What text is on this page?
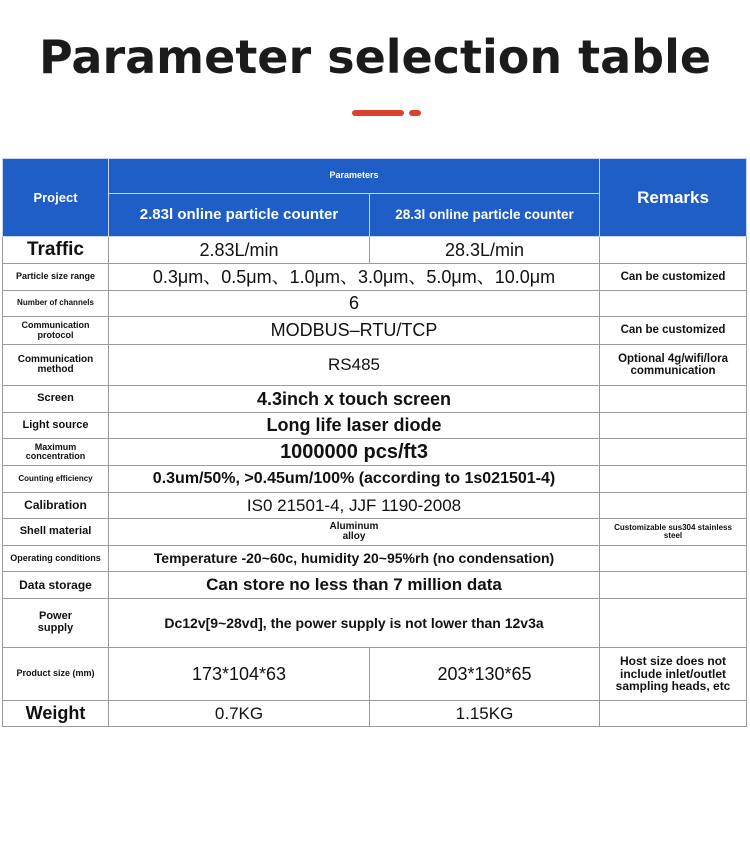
Parameter selection table
Project	Parameters		Remarks
	2.83l online particle counter	28.3l online particle counter	
Traffic	2.83L/min	28.3L/min	
Particle size range	0.3μm、0.5μm、1.0μm、3.0μm、5.0μm、10.0μm		Can be customized
Number of channels	6		
Communication protocol	MODBUS–RTU/TCP		Can be customized
Communication method	RS485		Optional 4g/wifi/lora communication
Screen	4.3inch x touch screen		
Light source	Long life laser diode		
Maximum concentration	1000000 pcs/ft3		
Counting efficiency	0.3um/50%, >0.45um/100% (according to 1s021501-4)		
Calibration	IS0 21501-4, JJF 1190-2008		
Shell material	Aluminum alloy		Customizable sus304 stainless steel
Operating conditions	Temperature -20~60c, humidity 20~95%rh (no condensation)		
Data storage	Can store no less than 7 million data		
Power supply	Dc12v[9~28vd], the power supply is not lower than 12v3a		
Product size (mm)	173*104*63	203*130*65	Host size does not include inlet/outlet sampling heads, etc
Weight	0.7KG	1.15KG	
